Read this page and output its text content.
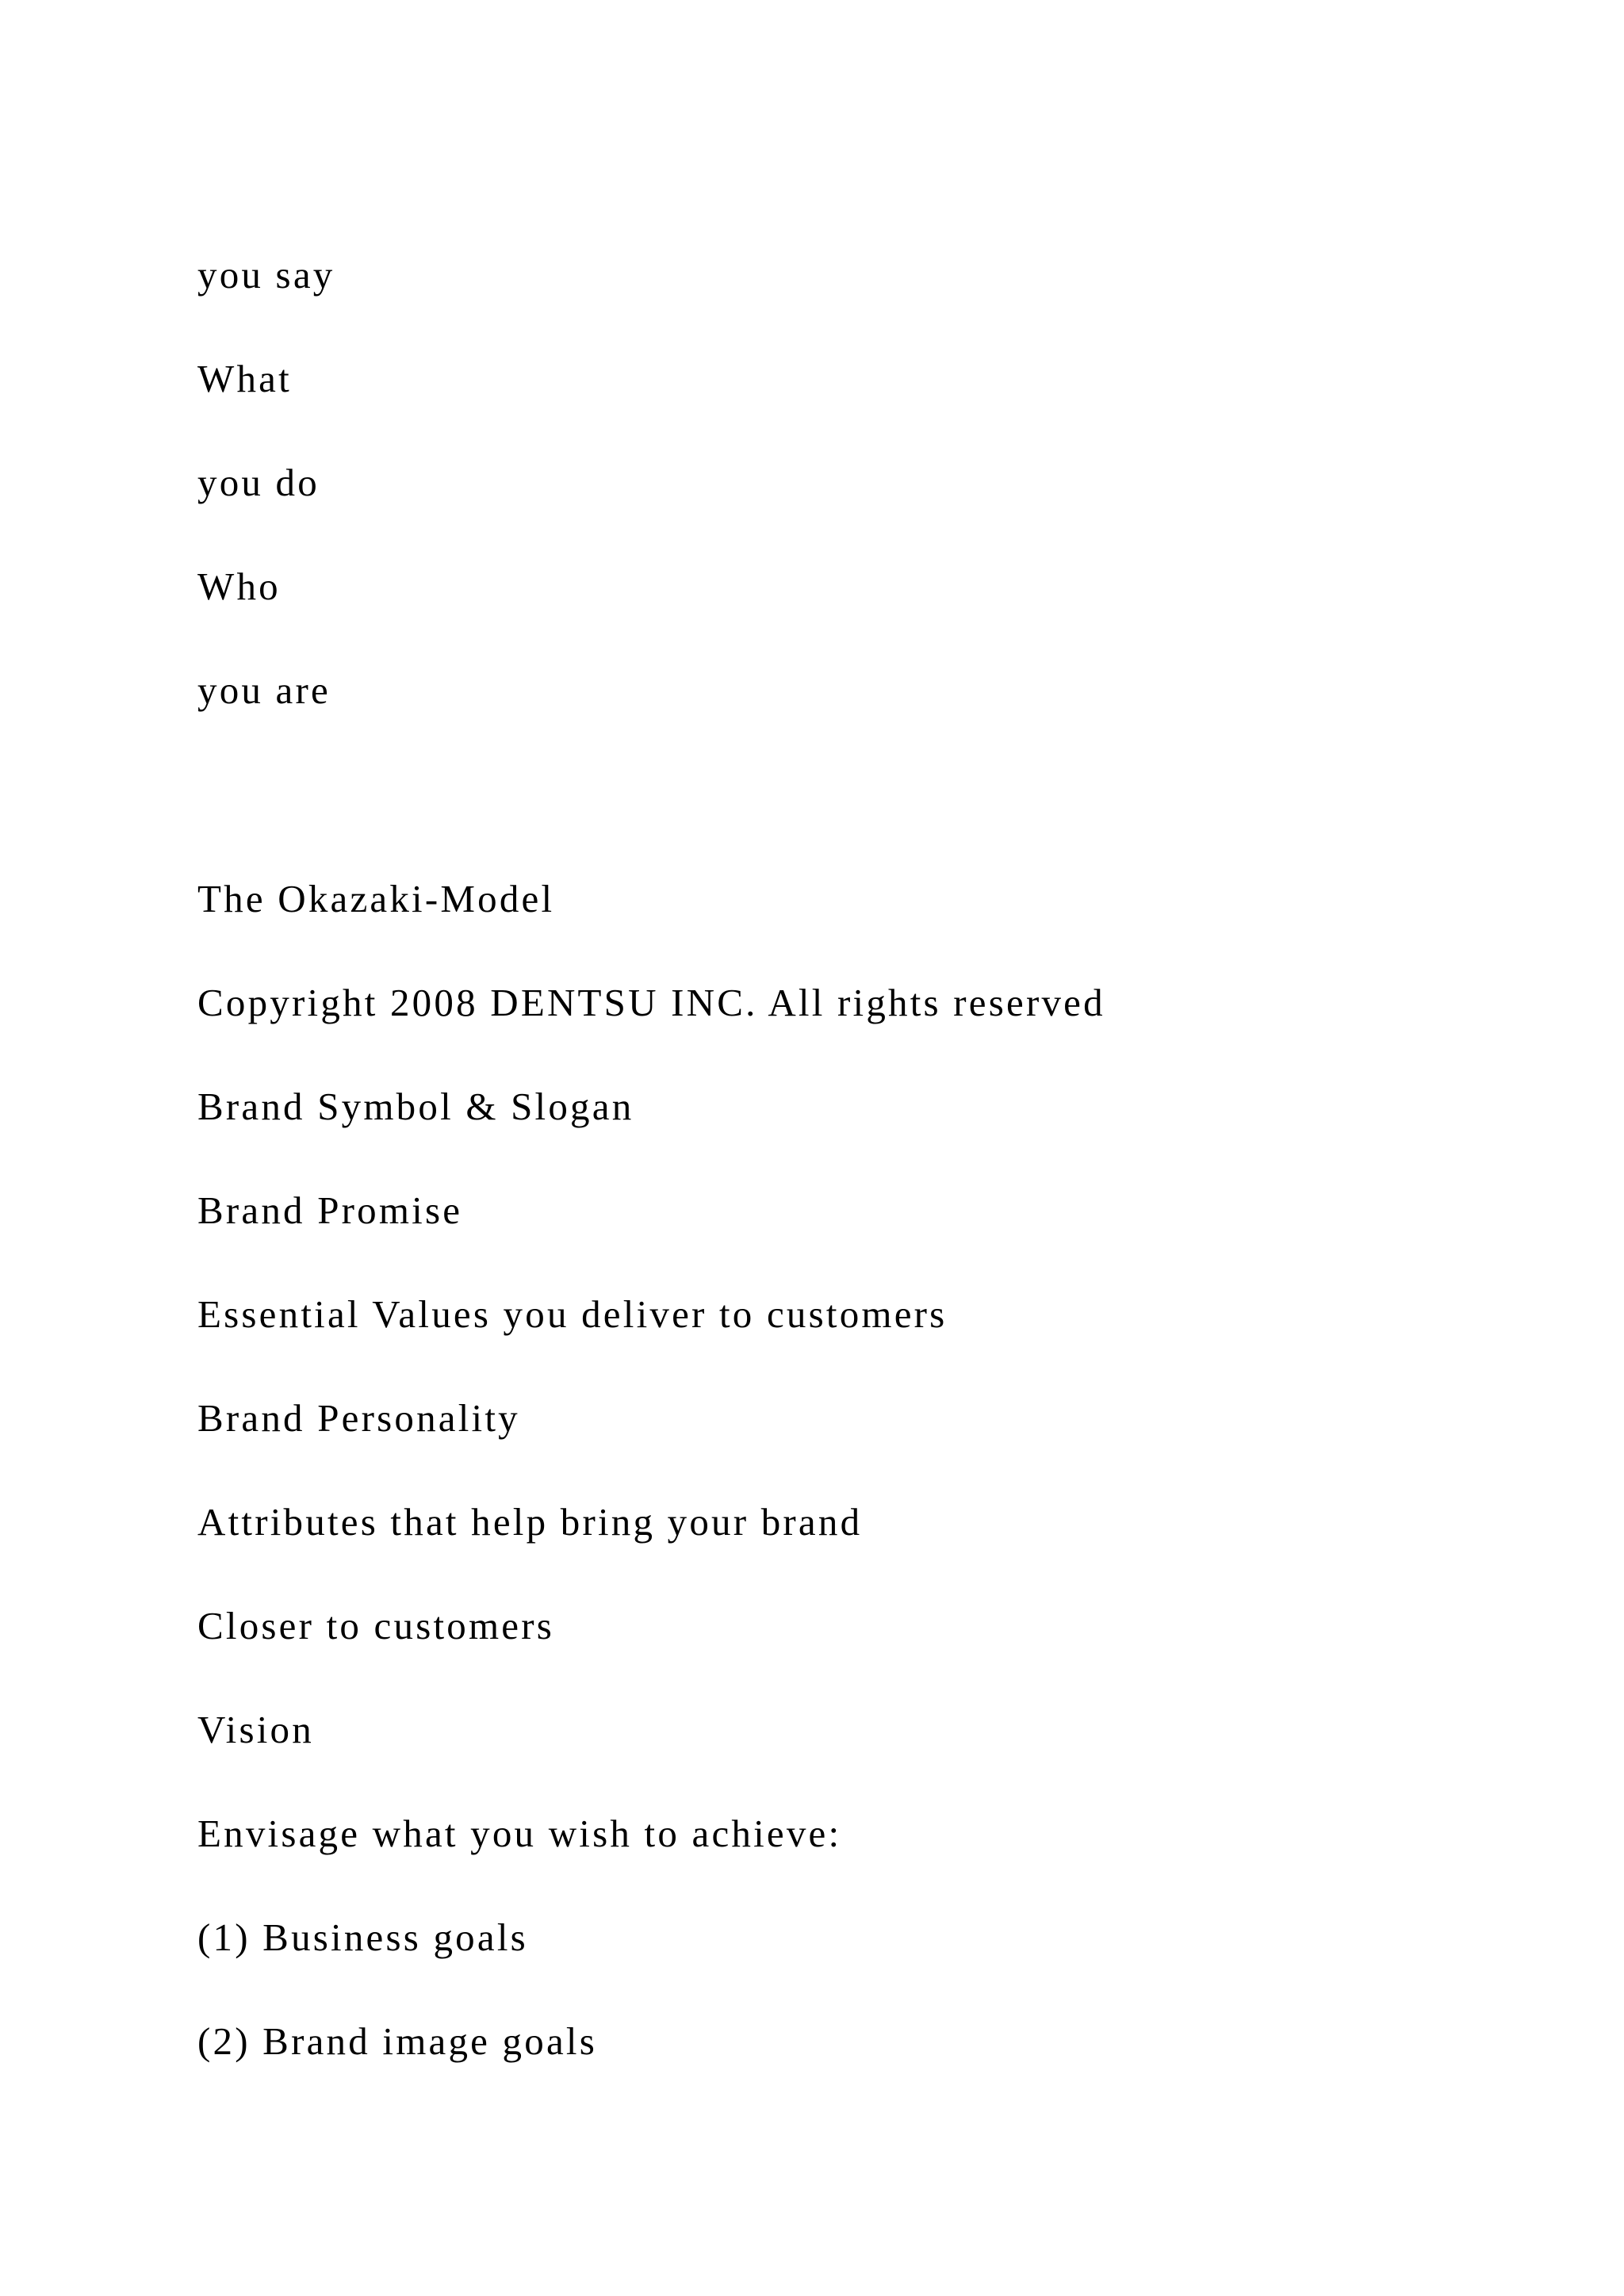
you say

What

you do

Who

you are

The Okazaki-Model

Copyright 2008 DENTSU INC. All rights reserved

Brand Symbol & Slogan

Brand Promise

Essential Values you deliver to customers

Brand Personality

Attributes that help bring your brand

Closer to customers

Vision

Envisage what you wish to achieve:

(1) Business goals

(2) Brand image goals
